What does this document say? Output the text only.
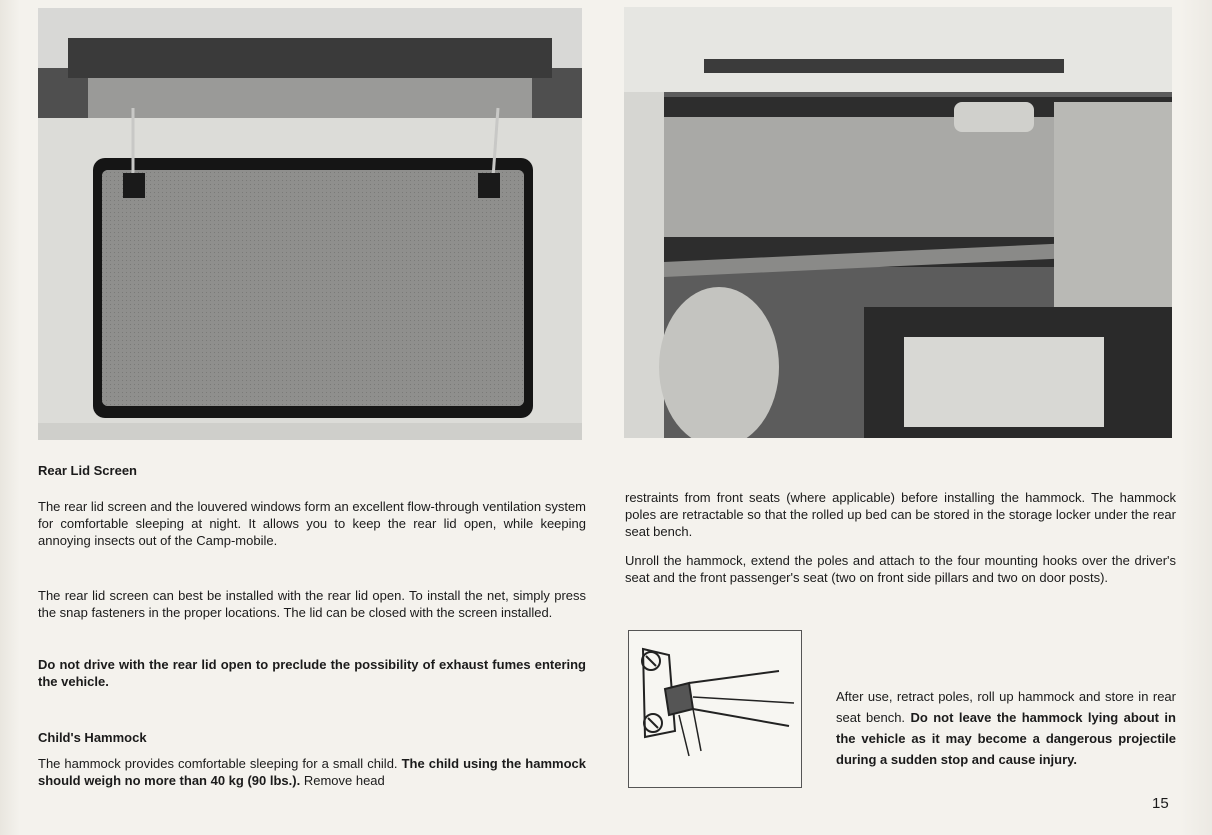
Rear Lid Screen
The rear lid screen and the louvered windows form an excellent flow-through ventilation system for comfortable sleeping at night. It allows you to keep the rear lid open, while keeping annoying insects out of the Camp-mobile.
The rear lid screen can best be installed with the rear lid open. To install the net, simply press the snap fasteners in the proper locations. The lid can be closed with the screen installed.
Do not drive with the rear lid open to preclude the possibility of exhaust fumes entering the vehicle.
Child's Hammock
The hammock provides comfortable sleeping for a small child. The child using the hammock should weigh no more than 40 kg (90 lbs.). Remove head
restraints from front seats (where applicable) before installing the hammock. The hammock poles are retractable so that the rolled up bed can be stored in the storage locker under the rear seat bench.
Unroll the hammock, extend the poles and attach to the four mounting hooks over the driver's seat and the front passenger's seat (two on front side pillars and two on door posts).
After use, retract poles, roll up hammock and store in rear seat bench. Do not leave the hammock lying about in the vehicle as it may become a dangerous projectile during a sudden stop and cause injury.
15
